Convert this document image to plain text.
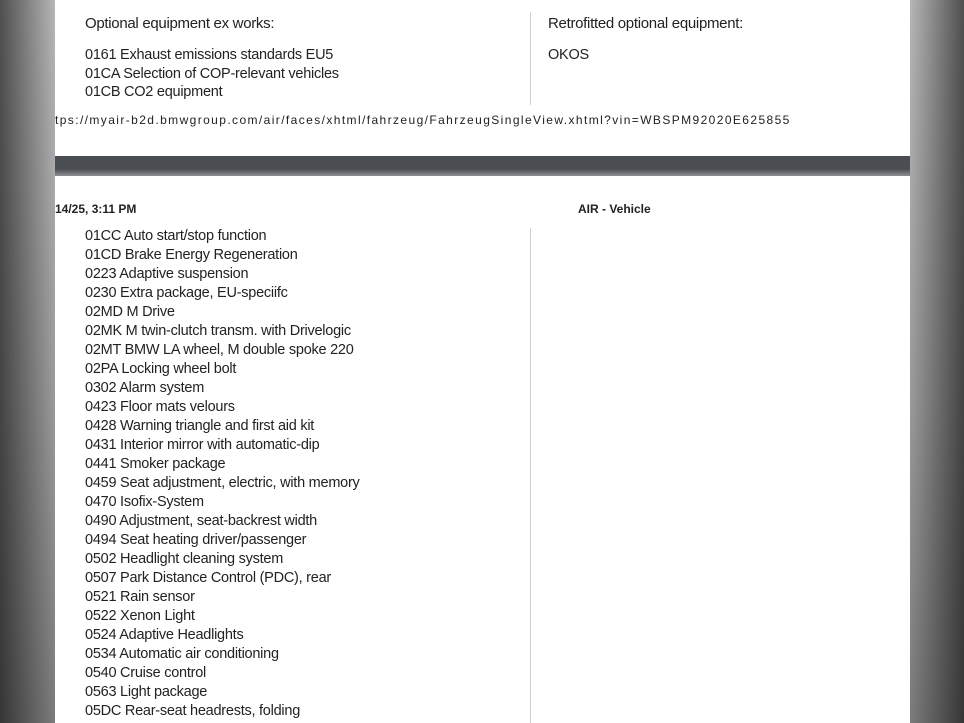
Optional equipment ex works:
0161 Exhaust emissions standards EU5
01CA Selection of COP-relevant vehicles
01CB CO2 equipment
Retrofitted optional equipment:
OKOS
tps://myair-b2d.bmwgroup.com/air/faces/xhtml/fahrzeug/FahrzeugSingleView.xhtml?vin=WBSPM92020E625855
14/25, 3:11 PM	AIR - Vehicle
01CC Auto start/stop function
01CD Brake Energy Regeneration
0223 Adaptive suspension
0230 Extra package, EU-speciifc
02MD M Drive
02MK M twin-clutch transm. with Drivelogic
02MT BMW LA wheel, M double spoke 220
02PA Locking wheel bolt
0302 Alarm system
0423 Floor mats velours
0428 Warning triangle and first aid kit
0431 Interior mirror with automatic-dip
0441 Smoker package
0459 Seat adjustment, electric, with memory
0470 Isofix-System
0490 Adjustment, seat-backrest width
0494 Seat heating driver/passenger
0502 Headlight cleaning system
0507 Park Distance Control (PDC), rear
0521 Rain sensor
0522 Xenon Light
0524 Adaptive Headlights
0534 Automatic air conditioning
0540 Cruise control
0563 Light package
05DC Rear-seat headrests, folding
